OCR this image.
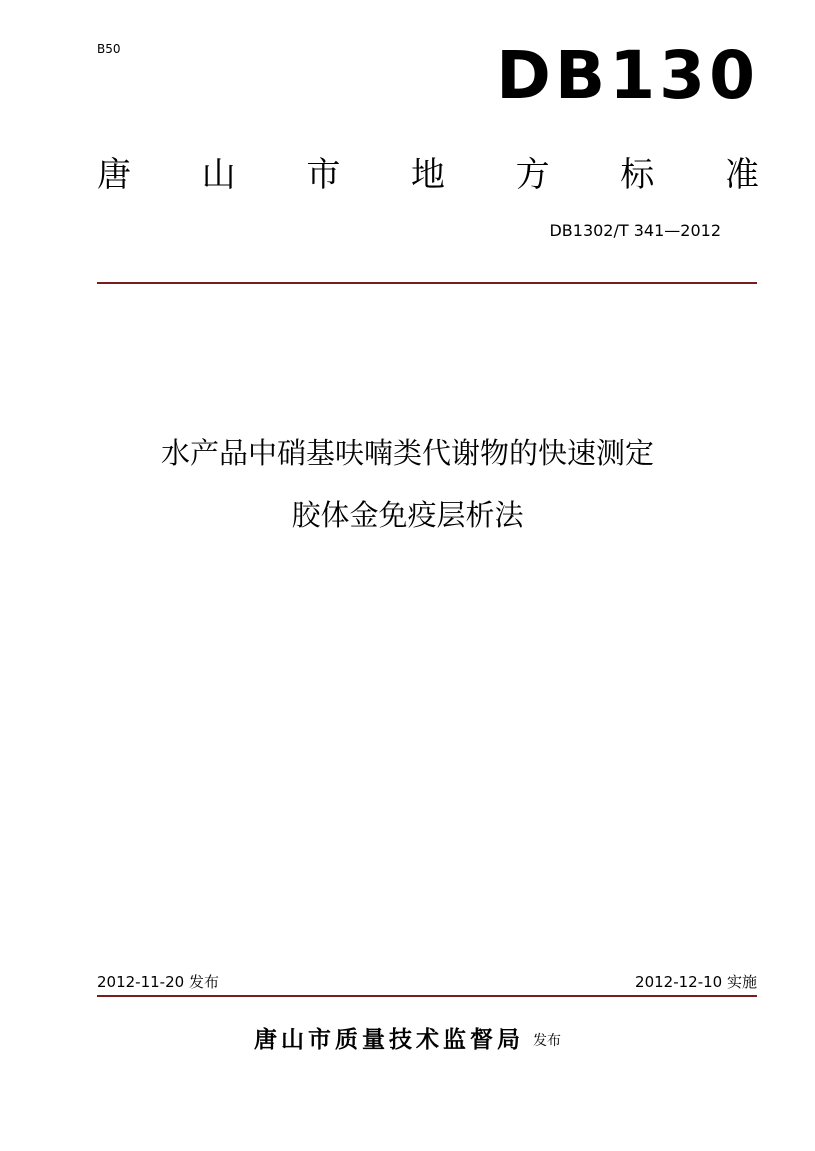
B50	DB130
唐 山 市 地 方 标 准
DB1302/T 341—2012
水产品中硝基呋喃类代谢物的快速测定
胶体金免疫层析法
2012-11-20 发布	2012-12-10 实施
唐山市质量技术监督局 发布
